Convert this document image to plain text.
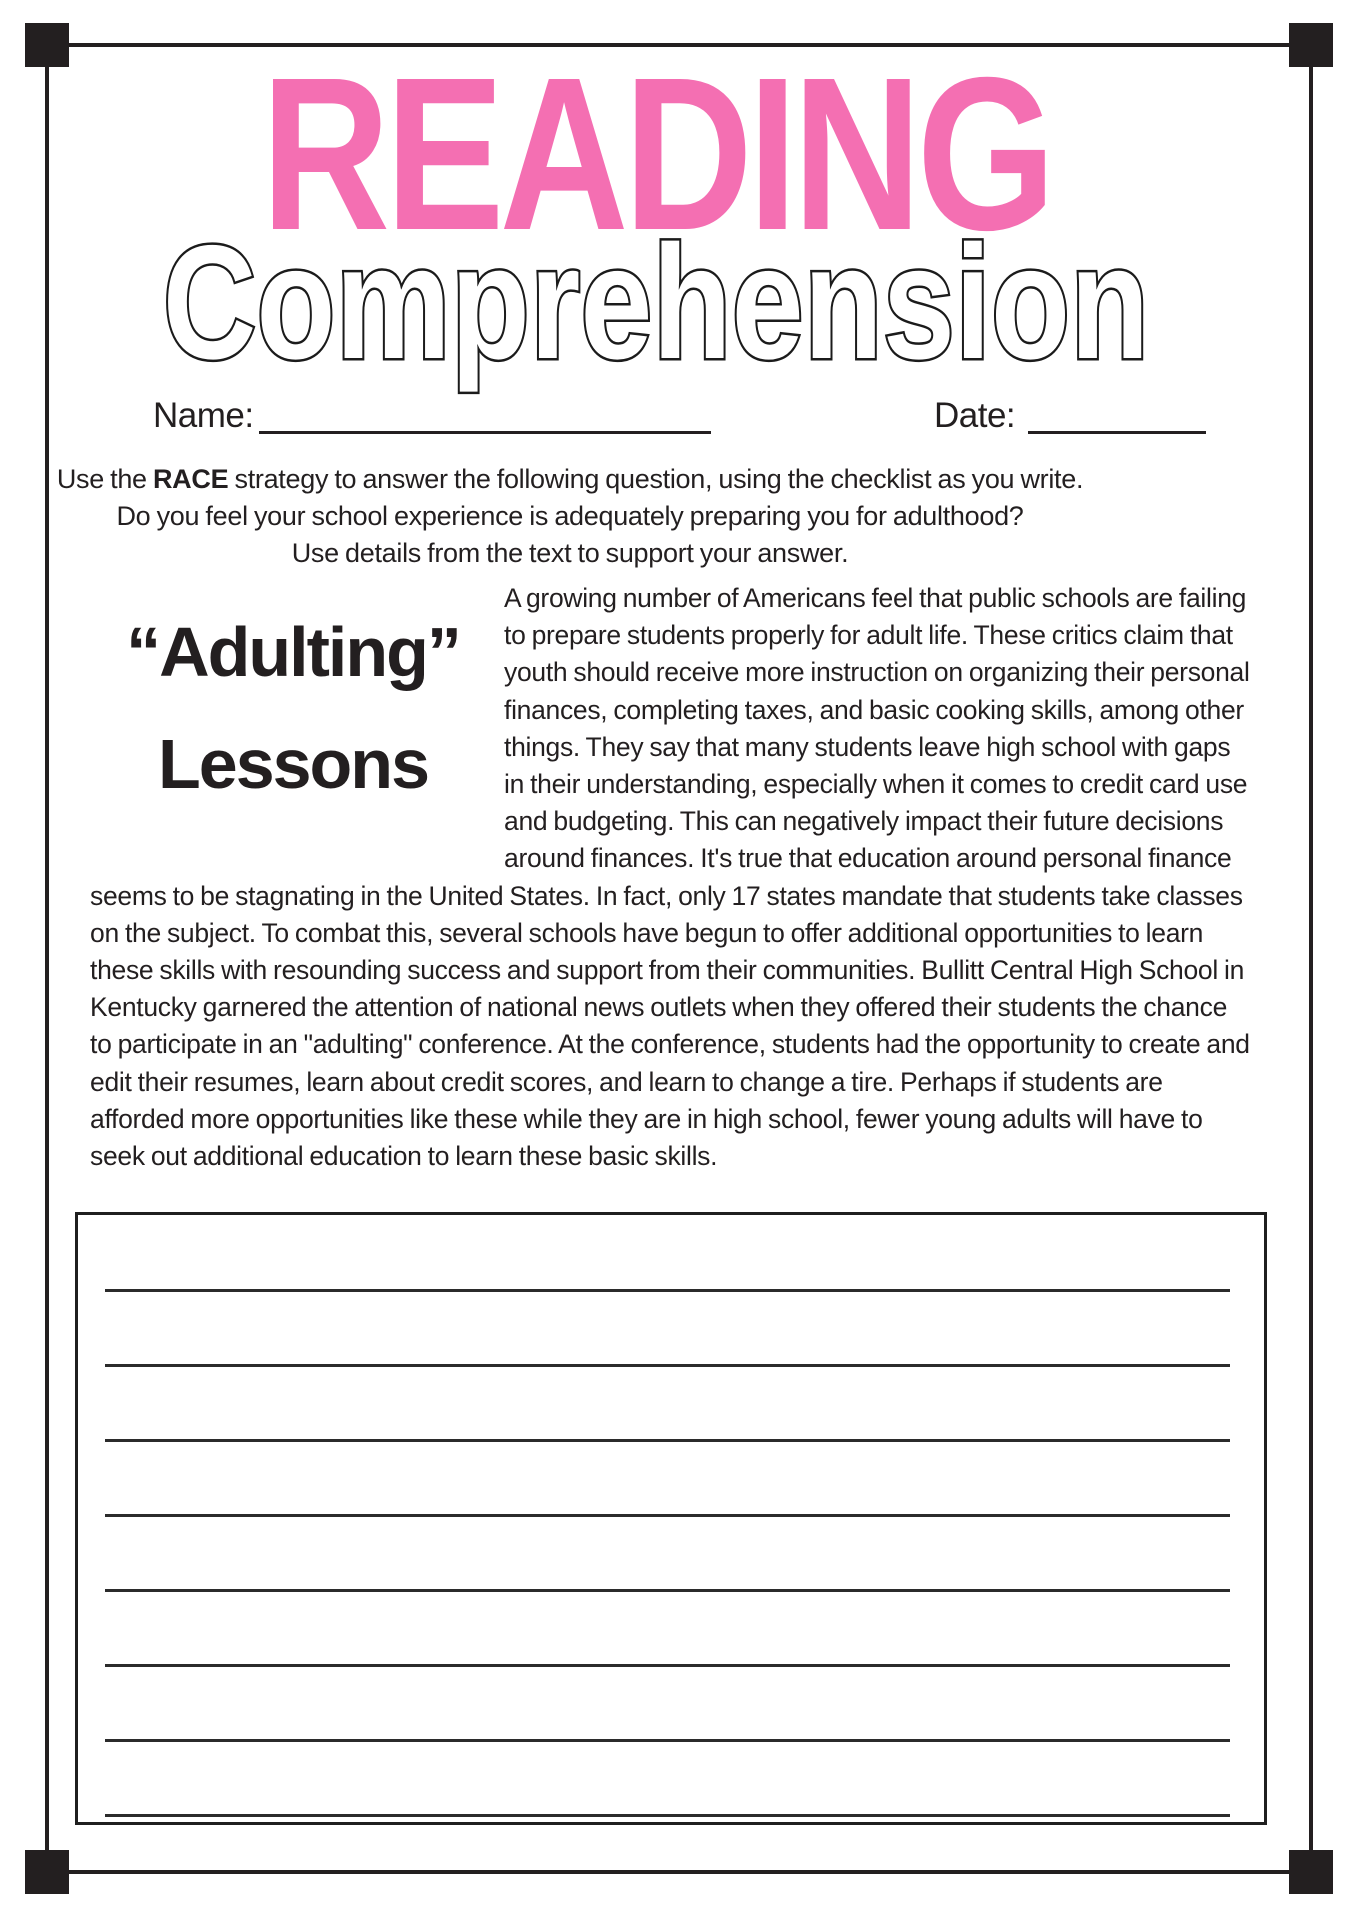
READING
Comprehension
Name:	Date:
Use the RACE strategy to answer the following question, using the checklist as you write.
Do you feel your school experience is adequately preparing you for adulthood?
Use details from the text to support your answer.
“Adulting”
Lessons
A growing number of Americans feel that public schools are failing to prepare students properly for adult life. These critics claim that youth should receive more instruction on organizing their personal finances, completing taxes, and basic cooking skills, among other things. They say that many students leave high school with gaps in their understanding, especially when it comes to credit card use and budgeting. This can negatively impact their future decisions around finances. It's true that education around personal finance seems to be stagnating in the United States. In fact, only 17 states mandate that students take classes on the subject. To combat this, several schools have begun to offer additional opportunities to learn these skills with resounding success and support from their communities. Bullitt Central High School in Kentucky garnered the attention of national news outlets when they offered their students the chance to participate in an "adulting" conference. At the conference, students had the opportunity to create and edit their resumes, learn about credit scores, and learn to change a tire. Perhaps if students are afforded more opportunities like these while they are in high school, fewer young adults will have to seek out additional education to learn these basic skills.
